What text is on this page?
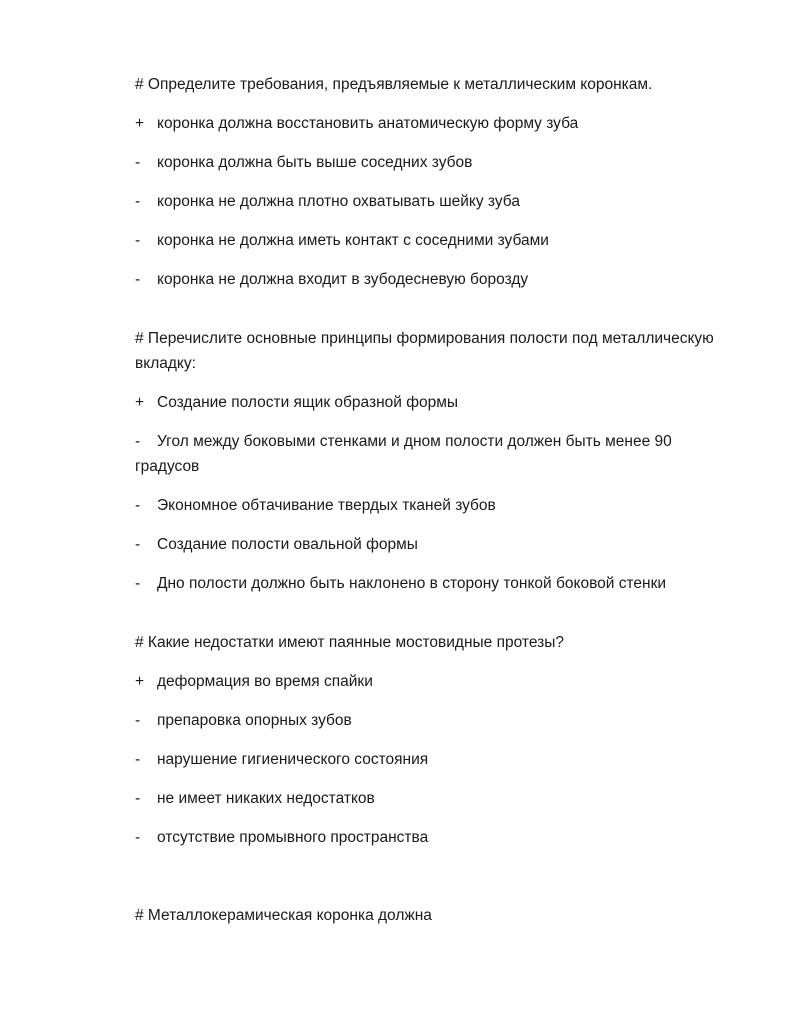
# Определите требования, предъявляемые к металлическим коронкам.

+ коронка должна восстановить анатомическую форму зуба
-	коронка должна быть выше соседних зубов
-	коронка не должна плотно охватывать шейку зуба
-	коронка не должна иметь контакт с соседними зубами
-	коронка не должна входит в зубодесневую борозду

# Перечислите основные принципы формирования полости под металлическую вкладку:

+ Создание полости ящик образной формы
- Угол между боковыми стенками и дном полости должен быть менее 90 градусов
-	Экономное обтачивание твердых тканей зубов
-	Создание полости овальной формы
-	Дно полости должно быть наклонено в сторону тонкой боковой стенки

# Какие недостатки имеют паянные мостовидные протезы?

+ деформация во время спайки
-	препаровка опорных зубов
-	нарушение гигиенического состояния
-	не имеет никаких недостатков
-	отсутствие промывного пространства

# Металлокерамическая коронка должна
